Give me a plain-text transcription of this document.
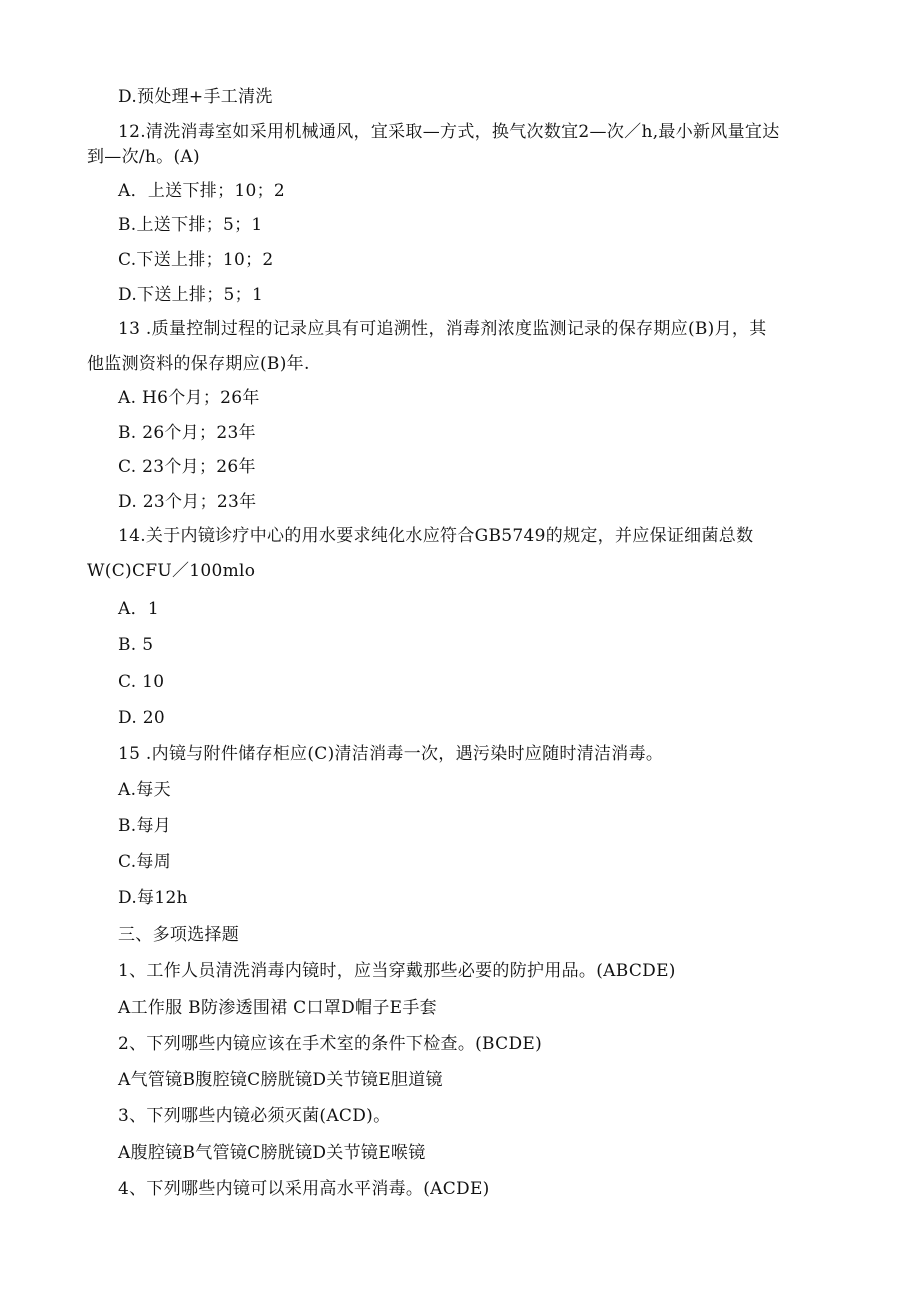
D.预处理+手工清洗
12.清洗消毒室如采用机械通风，宜采取—方式，换气次数宜2—次／h,最小新风量宜达
到—次/h。(A)
A．上送下排；10；2
B.上送下排；5；1
C.下送上排；10；2
D.下送上排；5；1
13 .质量控制过程的记录应具有可追溯性，消毒剂浓度监测记录的保存期应(B)月，其
他监测资料的保存期应(B)年.
A. H6个月；26年
B. 26个月；23年
C. 23个月；26年
D. 23个月；23年
14.关于内镜诊疗中心的用水要求纯化水应符合GB5749的规定，并应保证细菌总数
W(C)CFU／100mlo
A．1
B. 5
C. 10
D. 20
15 .内镜与附件储存柜应(C)清洁消毒一次，遇污染时应随时清洁消毒。
A.每天
B.每月
C.每周
D.每12h
三、多项选择题
1、工作人员清洗消毒内镜时，应当穿戴那些必要的防护用品。(ABCDE)
A工作服 B防渗透围裙 C口罩D帽子E手套
2、下列哪些内镜应该在手术室的条件下检查。(BCDE)
A气管镜B腹腔镜C膀胱镜D关节镜E胆道镜
3、下列哪些内镜必须灭菌(ACD)。
A腹腔镜B气管镜C膀胱镜D关节镜E喉镜
4、下列哪些内镜可以采用高水平消毒。(ACDE)
